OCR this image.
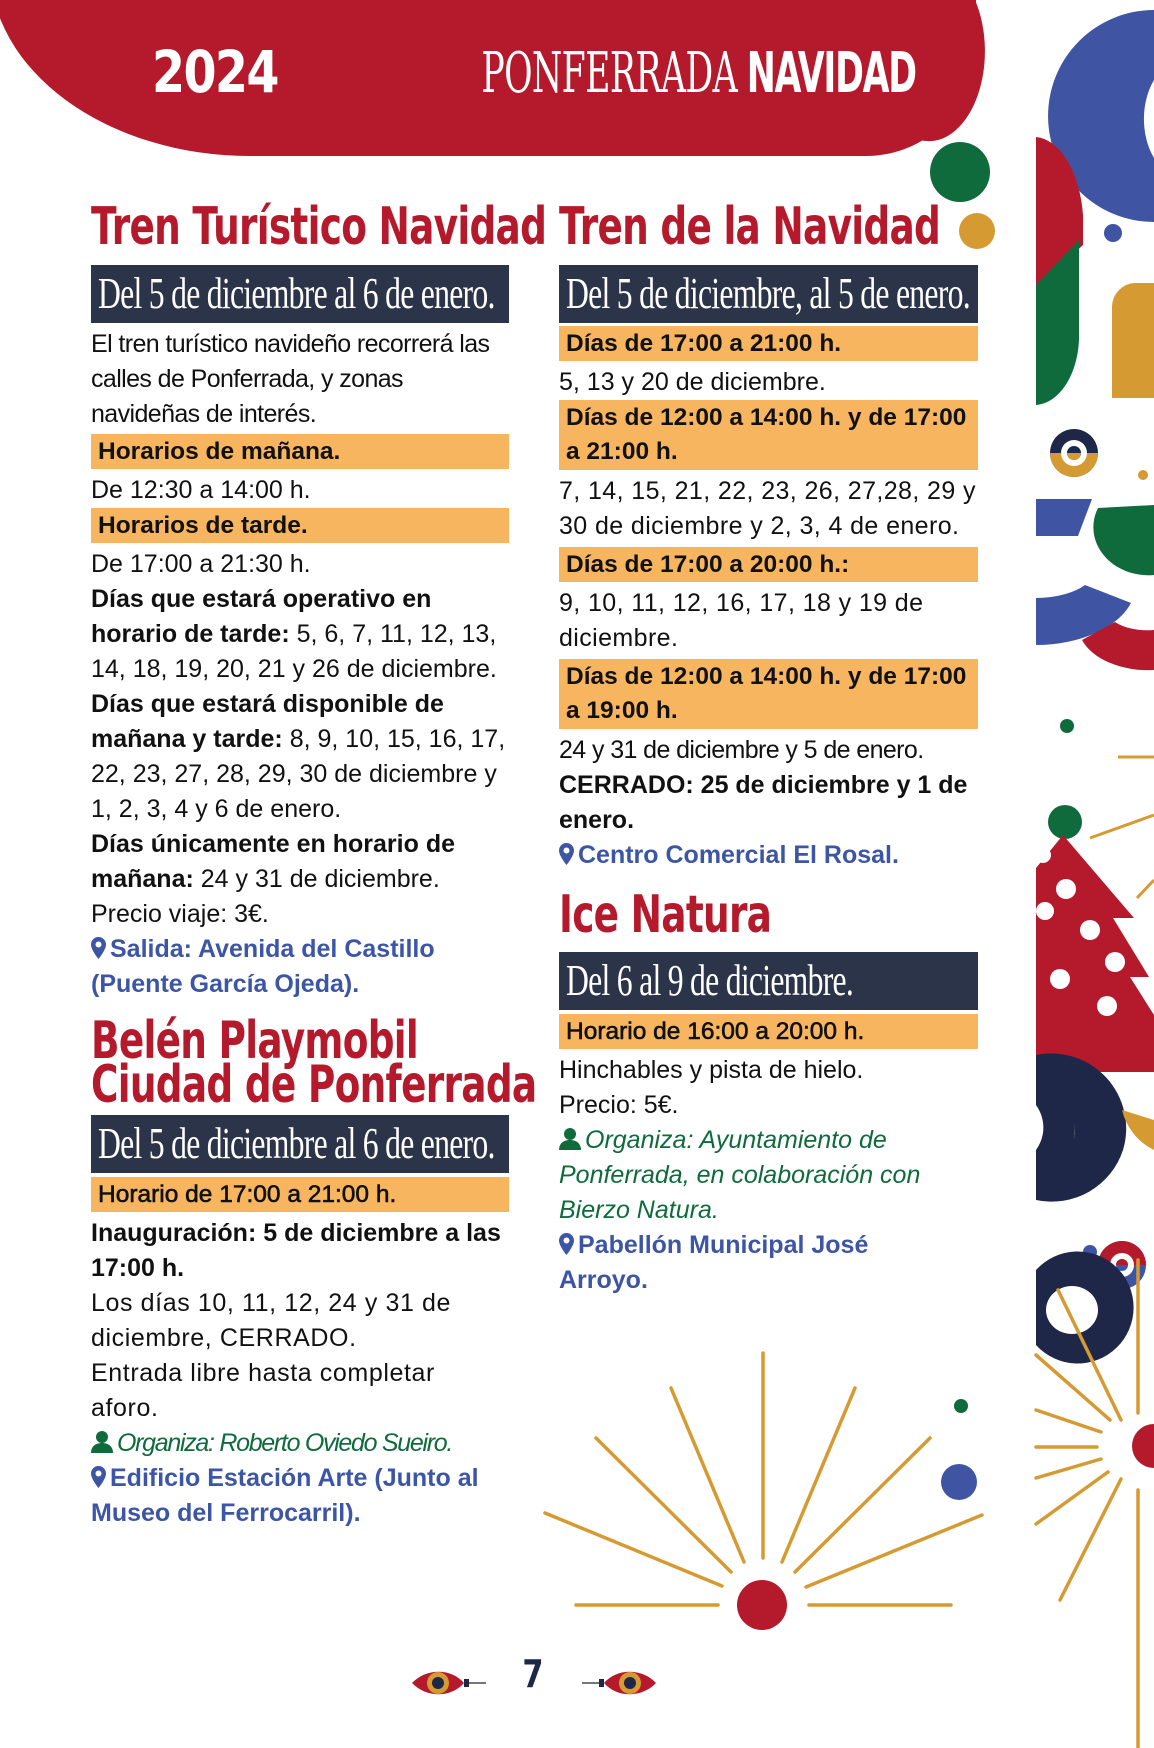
2024	PONFERRADA NAVIDAD
Tren Turístico Navidad
Del 5 de diciembre al 6 de enero.
El tren turístico navideño recorrerá las calles de Ponferrada, y zonas navideñas de interés.
Horarios de mañana.
De 12:30 a 14:00 h.
Horarios de tarde.
De 17:00 a 21:30 h.
Días que estará operativo en horario de tarde: 5, 6, 7, 11, 12, 13, 14, 18, 19, 20, 21 y 26 de diciembre.
Días que estará disponible de mañana y tarde: 8, 9, 10, 15, 16, 17, 22, 23, 27, 28, 29, 30 de diciembre y 1, 2, 3, 4 y 6 de enero.
Días únicamente en horario de mañana: 24 y 31 de diciembre.
Precio viaje: 3€.
Salida: Avenida del Castillo (Puente García Ojeda).
Belén Playmobil
Ciudad de Ponferrada
Del 5 de diciembre al 6 de enero.
Horario de 17:00 a 21:00 h.
Inauguración: 5 de diciembre a las 17:00 h.
Los días 10, 11, 12, 24 y 31 de diciembre, CERRADO.
Entrada libre hasta completar aforo.
Organiza: Roberto Oviedo Sueiro.
Edificio Estación Arte (Junto al Museo del Ferrocarril).
Tren de la Navidad
Del 5 de diciembre, al 5 de enero.
Días de 17:00 a 21:00 h.
5, 13 y 20 de diciembre.
Días de 12:00 a 14:00 h. y de 17:00 a 21:00 h.
7, 14, 15, 21, 22, 23, 26, 27,28, 29 y 30 de diciembre y 2, 3, 4 de enero.
Días de 17:00 a 20:00 h.:
9, 10, 11, 12, 16, 17, 18 y 19 de diciembre.
Días de 12:00 a 14:00 h. y de 17:00 a 19:00 h.
24 y 31 de diciembre y 5 de enero.
CERRADO: 25 de diciembre y 1 de enero.
Centro Comercial El Rosal.
Ice Natura
Del 6 al 9 de diciembre.
Horario de 16:00 a 20:00 h.
Hinchables y pista de hielo.
Precio: 5€.
Organiza: Ayuntamiento de Ponferrada, en colaboración con Bierzo Natura.
Pabellón Municipal José Arroyo.
7
